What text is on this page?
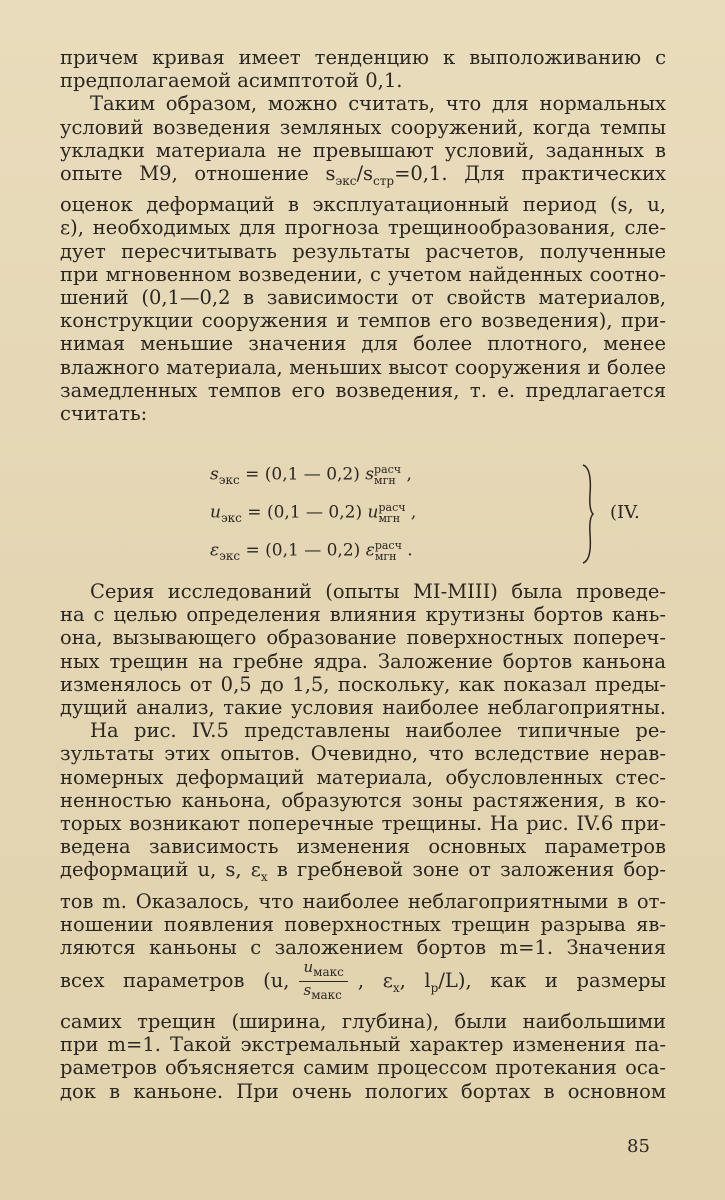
причем кривая имеет тенденцию к выположиванию с

предполагаемой асимптотой 0,1.

Таким образом, можно считать, что для нормальных

условий возведения земляных сооружений, когда темпы

укладки материала не превышают условий, заданных в

опыте М9, отношение $s_{экс}/s_{стр}=0,1$. Для практических

оценок деформаций в эксплуатационный период (s, u,

ε), необходимых для прогноза трещинообразования, сле-

дует пересчитывать результаты расчетов, полученные

при мгновенном возведении, с учетом найденных соотно-

шений (0,1—0,2 в зависимости от свойств материалов,

конструкции сооружения и темпов его возведения), при-

нимая меньшие значения для более плотного, менее

влажного материала, меньших высот сооружения и более

замедленных темпов его возведения, т. е. предлагается

считать:

$s_{экс} = (0,1$ — 0,2) s расч
мгн ,
$u_{экс} = (0,1$ — 0,2) u расч
мгн ,
$\varepsilon_{экс} = (0,1$ — 0,2) ε расч
мгн .
(IV.

Серия исследований (опыты МI-МIII) была проведе-

на с целью определения влияния крутизны бортов кань-

она, вызывающего образование поверхностных попереч-

ных трещин на гребне ядра. Заложение бортов каньона

изменялось от 0,5 до 1,5, поскольку, как показал преды-

дущий анализ, такие условия наиболее неблагоприятны.

На рис. IV.5 представлены наиболее типичные ре-

зультаты этих опытов. Очевидно, что вследствие нерав-

номерных деформаций материала, обусловленных стес-

ненностью каньона, образуются зоны растяжения, в ко-

торых возникают поперечные трещины. На рис. IV.6 при-

ведена зависимость изменения основных параметров

деформаций u, s, $\varepsilon_x$ в гребневой зоне от заложения бор-

тов m. Оказалось, что наиболее неблагоприятными в от-

ношении появления поверхностных трещин разрыва яв-

ляются каньоны с заложением бортов m=1. Значения

всех параметров (u, $\frac{u_{макс}}{s_{макс}}$ , $\varepsilon_x$, $l_p/L$), как и размеры

самих трещин (ширина, глубина), были наибольшими

при m=1. Такой экстремальный характер изменения па-

раметров объясняется самим процессом протекания оса-

док в каньоне. При очень пологих бортах в основном

85
